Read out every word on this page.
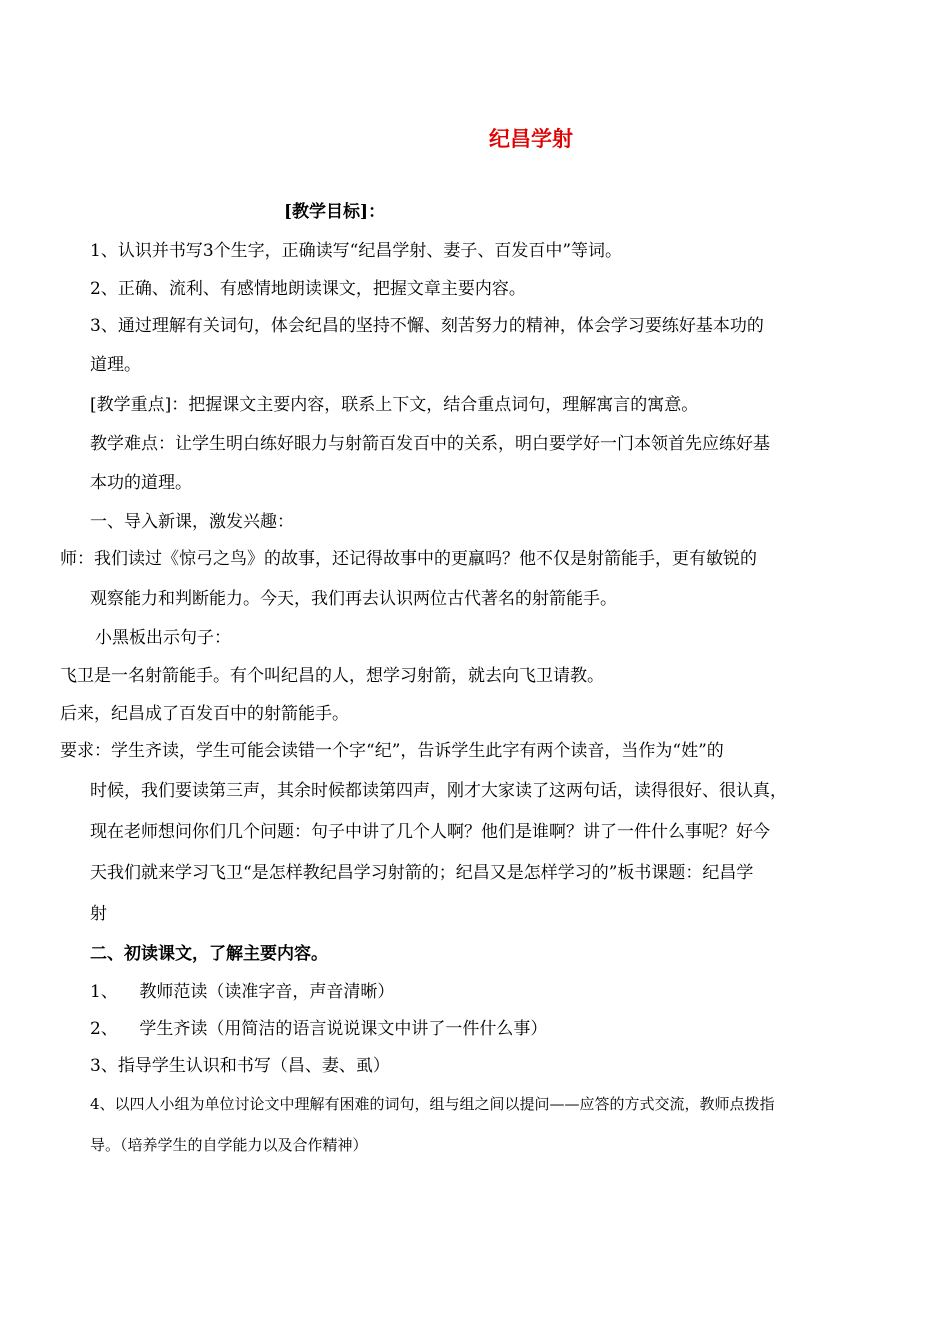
纪昌学射
[教学目标]：
1、认识并书写3个生字，正确读写“纪昌学射、妻子、百发百中”等词。
2、正确、流利、有感情地朗读课文，把握文章主要内容。
3、通过理解有关词句，体会纪昌的坚持不懈、刻苦努力的精神，体会学习要练好基本功的
道理。
[教学重点]：把握课文主要内容，联系上下文，结合重点词句，理解寓言的寓意。
教学难点：让学生明白练好眼力与射箭百发百中的关系，明白要学好一门本领首先应练好基
本功的道理。
一、导入新课，激发兴趣：
师：我们读过《惊弓之鸟》的故事，还记得故事中的更羸吗？他不仅是射箭能手，更有敏锐的
观察能力和判断能力。今天，我们再去认识两位古代著名的射箭能手。
小黑板出示句子：
飞卫是一名射箭能手。有个叫纪昌的人，想学习射箭，就去向飞卫请教。
后来，纪昌成了百发百中的射箭能手。
要求：学生齐读，学生可能会读错一个字“纪”，告诉学生此字有两个读音，当作为“姓”的
时候，我们要读第三声，其余时候都读第四声，刚才大家读了这两句话，读得很好、很认真，
现在老师想问你们几个问题：句子中讲了几个人啊？他们是谁啊？讲了一件什么事呢？好今
天我们就来学习飞卫“是怎样教纪昌学习射箭的；纪昌又是怎样学习的”板书课题：纪昌学
射
二、初读课文，了解主要内容。
1、    教师范读（读准字音，声音清晰）
2、    学生齐读（用简洁的语言说说课文中讲了一件什么事）
3、指导学生认识和书写（昌、妻、虱）
4、以四人小组为单位讨论文中理解有困难的词句，组与组之间以提问——应答的方式交流，教师点拨指
导。（培养学生的自学能力以及合作精神）
